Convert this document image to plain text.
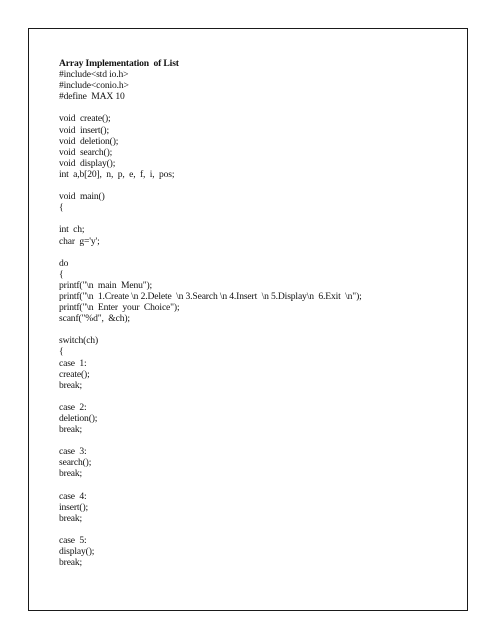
Array Implementation  of List
#include<std io.h>
#include<conio.h>
#define  MAX 10
void  create();
void  insert();
void  deletion();
void  search();
void  display();
int  a,b[20],  n,  p,  e,  f,  i,  pos;
void  main()
{
int  ch;
char  g='y';
do
{
printf("\n  main  Menu");
printf("\n  1.Create \n 2.Delete  \n 3.Search \n 4.Insert  \n 5.Display\n  6.Exit  \n");
printf("\n  Enter  your  Choice");
scanf("%d",  &ch);
switch(ch)
{
case  1:
create();
break;
case  2:
deletion();
break;
case  3:
search();
break;
case  4:
insert();
break;
case  5:
display();
break;
